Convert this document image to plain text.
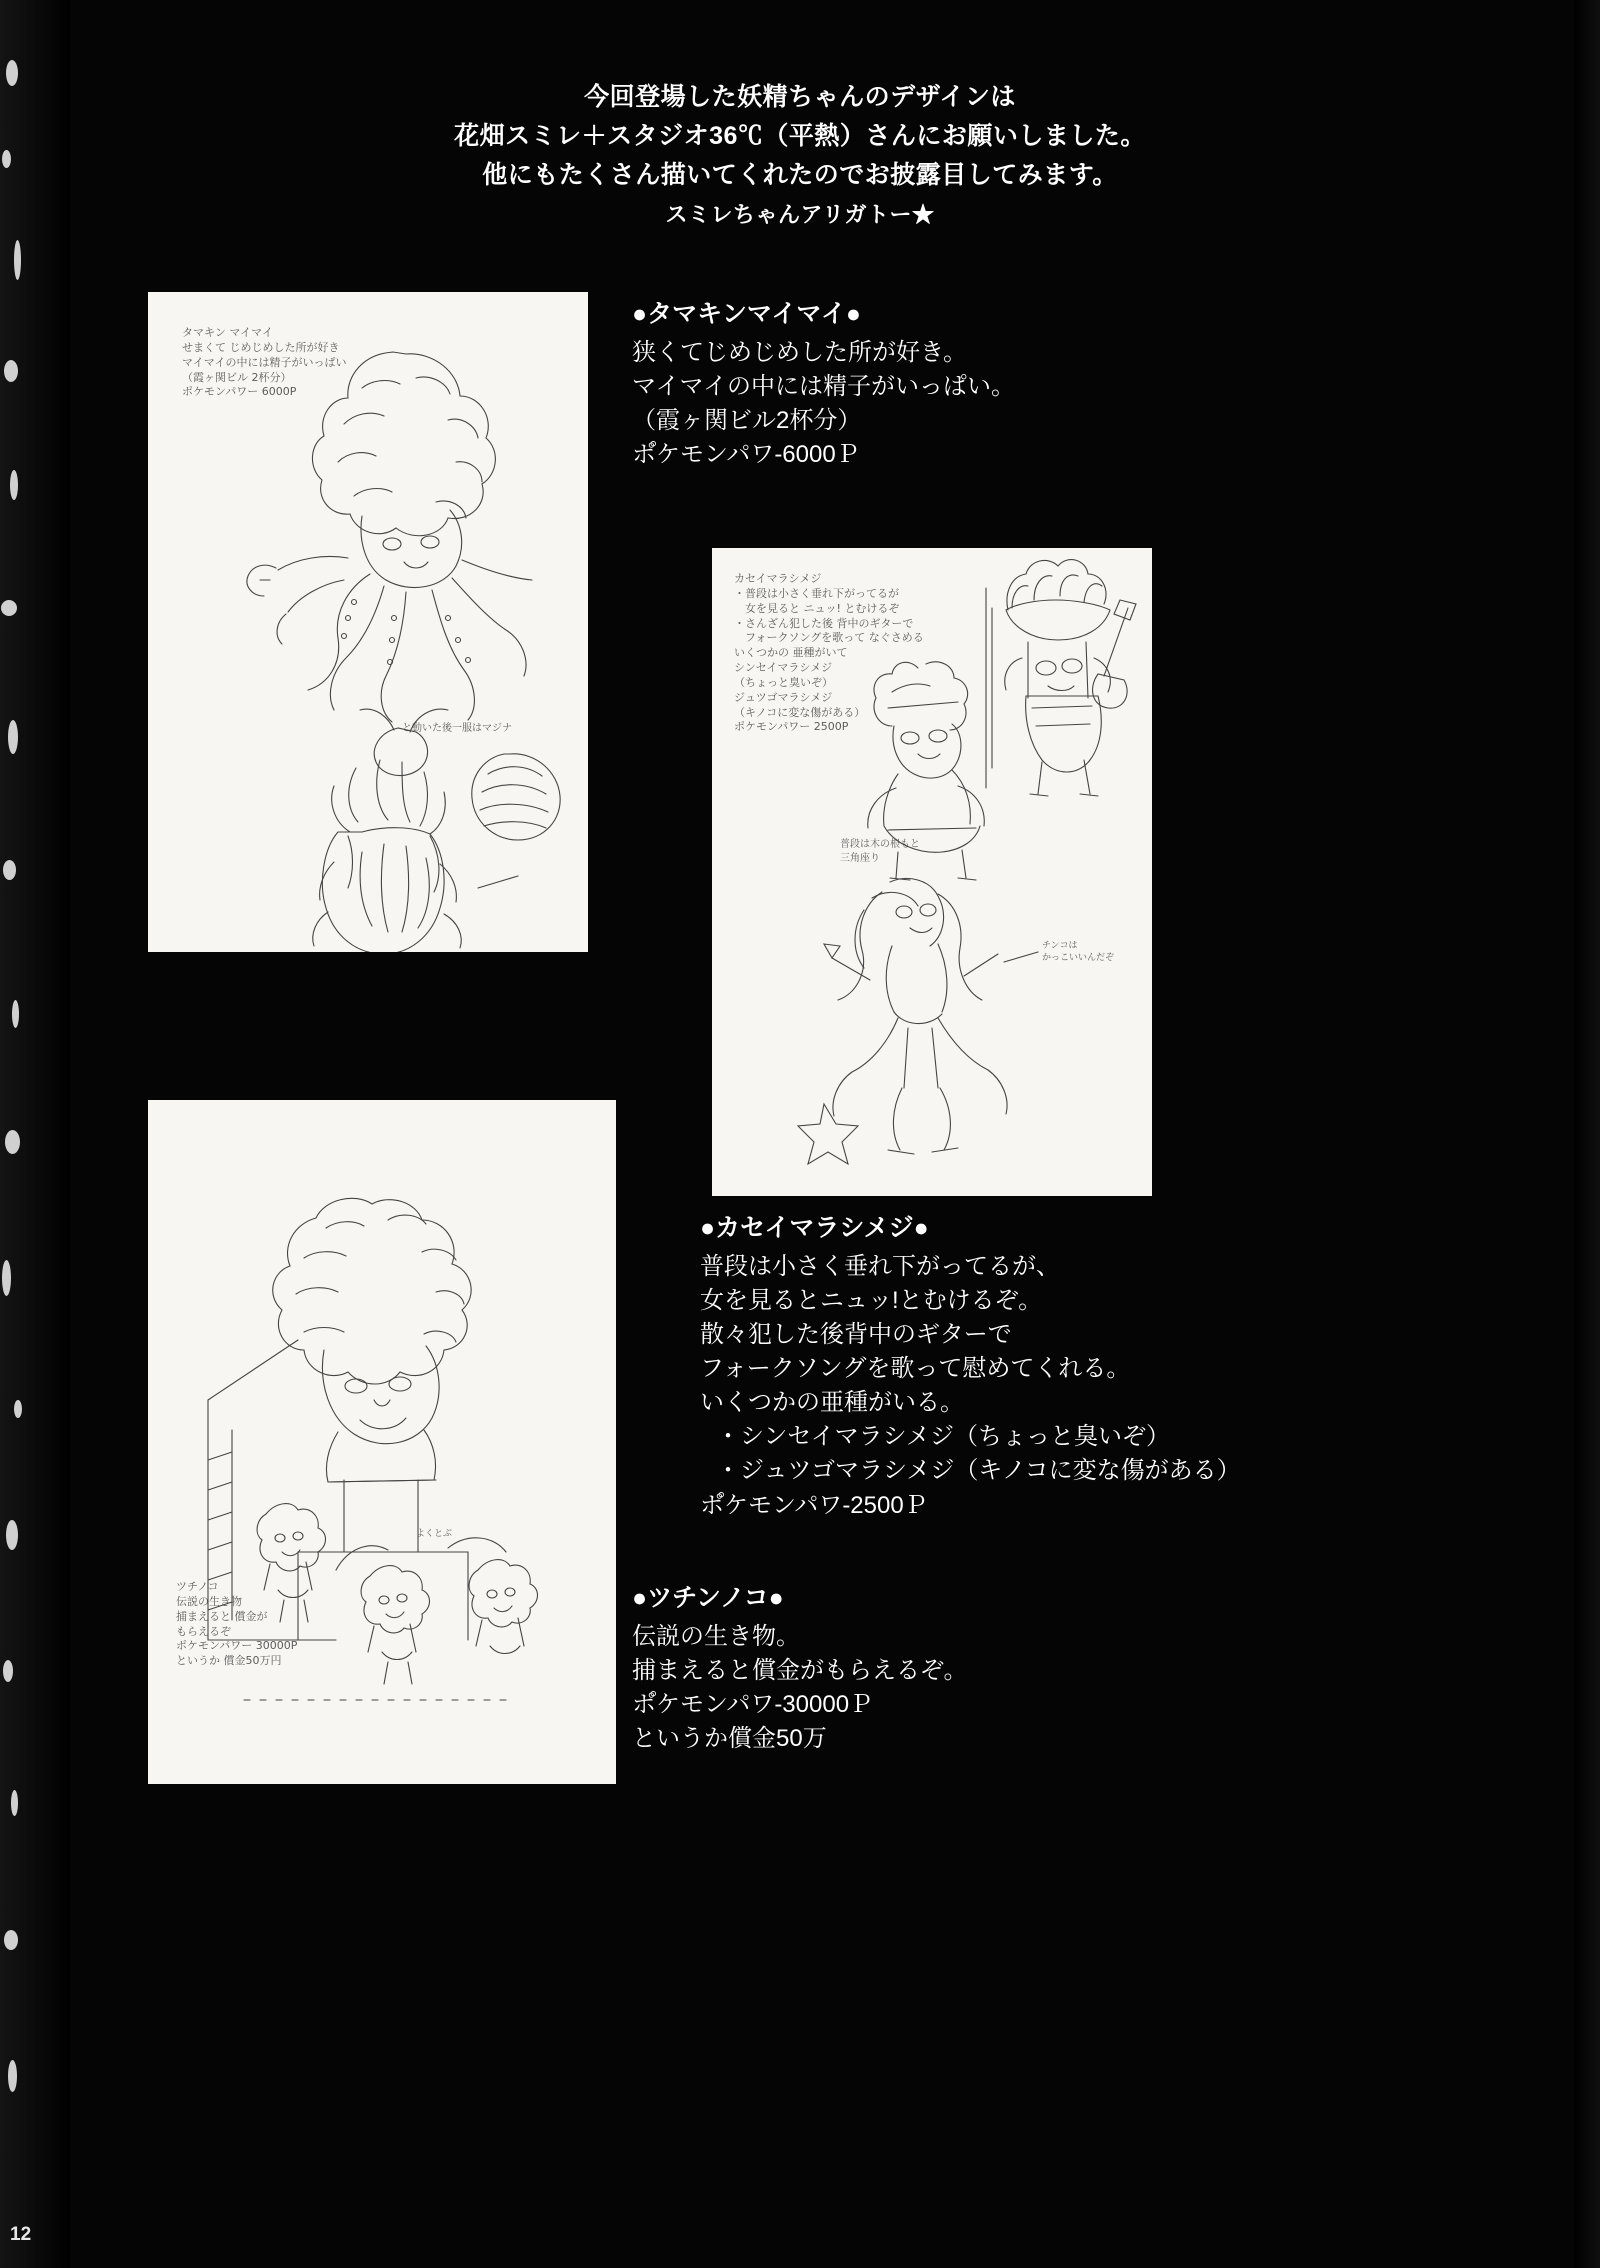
今回登場した妖精ちゃんのデザインは
花畑スミレ＋スタジオ36℃（平熱）さんにお願いしました。
他にもたくさん描いてくれたのでお披露目してみます。
スミレちゃんアリガトー★
タマキン マイマイ
せまくて じめじめした所が好き
マイマイの中には精子がいっぱい
（霞ヶ関ビル 2杯分）
ポケモンパワー 6000P
と動いた後一服はマジナ
カセイマラシメジ
・普段は小さく垂れ下がってるが
　女を見ると ニュッ! とむけるぞ
・さんざん犯した後 背中のギターで
　フォークソングを歌って なぐさめる
いくつかの 亜種がいて
シンセイマラシメジ
（ちょっと臭いぞ）
ジュツゴマラシメジ
（キノコに変な傷がある）
ポケモンパワー 2500P
普段は木の根もと
三角座り
チンコは
かっこいいんだぞ
ツチノコ
伝説の生き物
捕まえると 償金が
もらえるぞ
ポケモンパワー 30000P
というか 償金50万円
よくとぶ
●タマキンマイマイ●
狭くてじめじめした所が好き。
マイマイの中には精子がいっぱい。
（霞ヶ関ビル2杯分）
ポ゚ケモンパワ-6000Ｐ
●カセイマラシメジ●
普段は小さく垂れ下がってるが、
女を見るとニュッ!とむけるぞ。
散々犯した後背中のギターで
フォークソングを歌って慰めてくれる。
いくつかの亜種がいる。
・シンセイマラシメジ（ちょっと臭いぞ）
・ジュツゴマラシメジ（キノコに変な傷がある）
ポ゚ケモンパワ-2500Ｐ
●ツチンノコ●
伝説の生き物。
捕まえると償金がもらえるぞ。
ポ゚ケモンパワ-30000Ｐ
というか償金50万
12
